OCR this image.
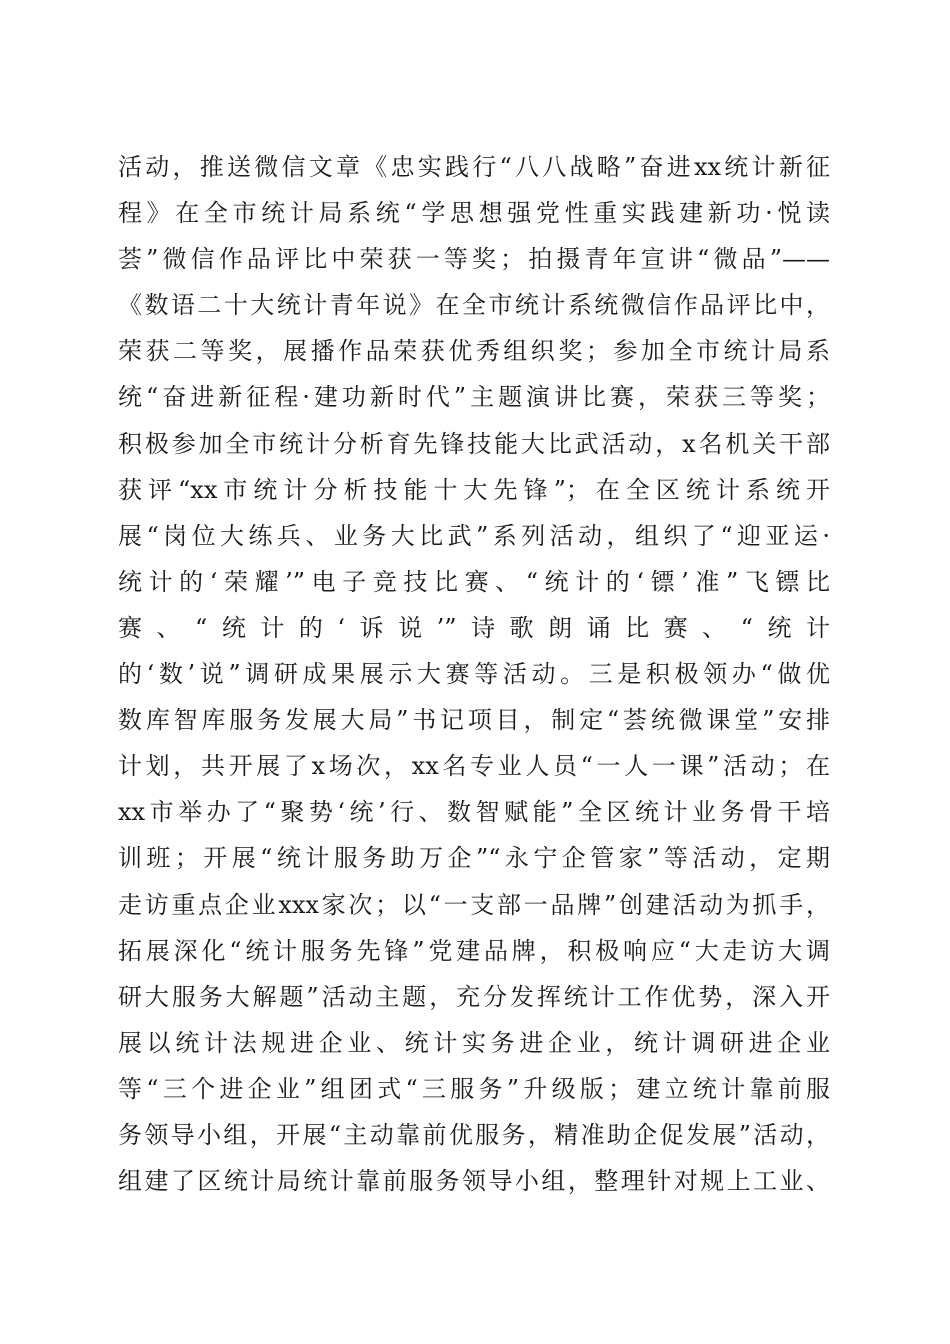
活动，推送微信文章《忠实践行“八八战略”奋进xx统计新征
程》在全市统计局系统“学思想强党性重实践建新功·悦读
荟”微信作品评比中荣获一等奖；拍摄青年宣讲“微品”——
《数语二十大统计青年说》在全市统计系统微信作品评比中，
荣获二等奖，展播作品荣获优秀组织奖；参加全市统计局系
统“奋进新征程·建功新时代”主题演讲比赛，荣获三等奖；
积极参加全市统计分析育先锋技能大比武活动，x名机关干部
获评“xx市统计分析技能十大先锋”；在全区统计系统开
展“岗位大练兵、业务大比武”系列活动，组织了“迎亚运·
统计的‘荣耀’”电子竞技比赛、“统计的‘镖’准”飞镖比
赛、“统计的‘诉说’”诗歌朗诵比赛、“统计
的‘数’说”调研成果展示大赛等活动。三是积极领办“做优
数库智库服务发展大局”书记项目，制定“荟统微课堂”安排
计划，共开展了x场次，xx名专业人员“一人一课”活动；在
xx市举办了“聚势‘统’行、数智赋能”全区统计业务骨干培
训班；开展“统计服务助万企”“永宁企管家”等活动，定期
走访重点企业xxx家次；以“一支部一品牌”创建活动为抓手，
拓展深化“统计服务先锋”党建品牌，积极响应“大走访大调
研大服务大解题”活动主题，充分发挥统计工作优势，深入开
展以统计法规进企业、统计实务进企业，统计调研进企业
等“三个进企业”组团式“三服务”升级版；建立统计靠前服
务领导小组，开展“主动靠前优服务，精准助企促发展”活动，
组建了区统计局统计靠前服务领导小组，整理针对规上工业、
